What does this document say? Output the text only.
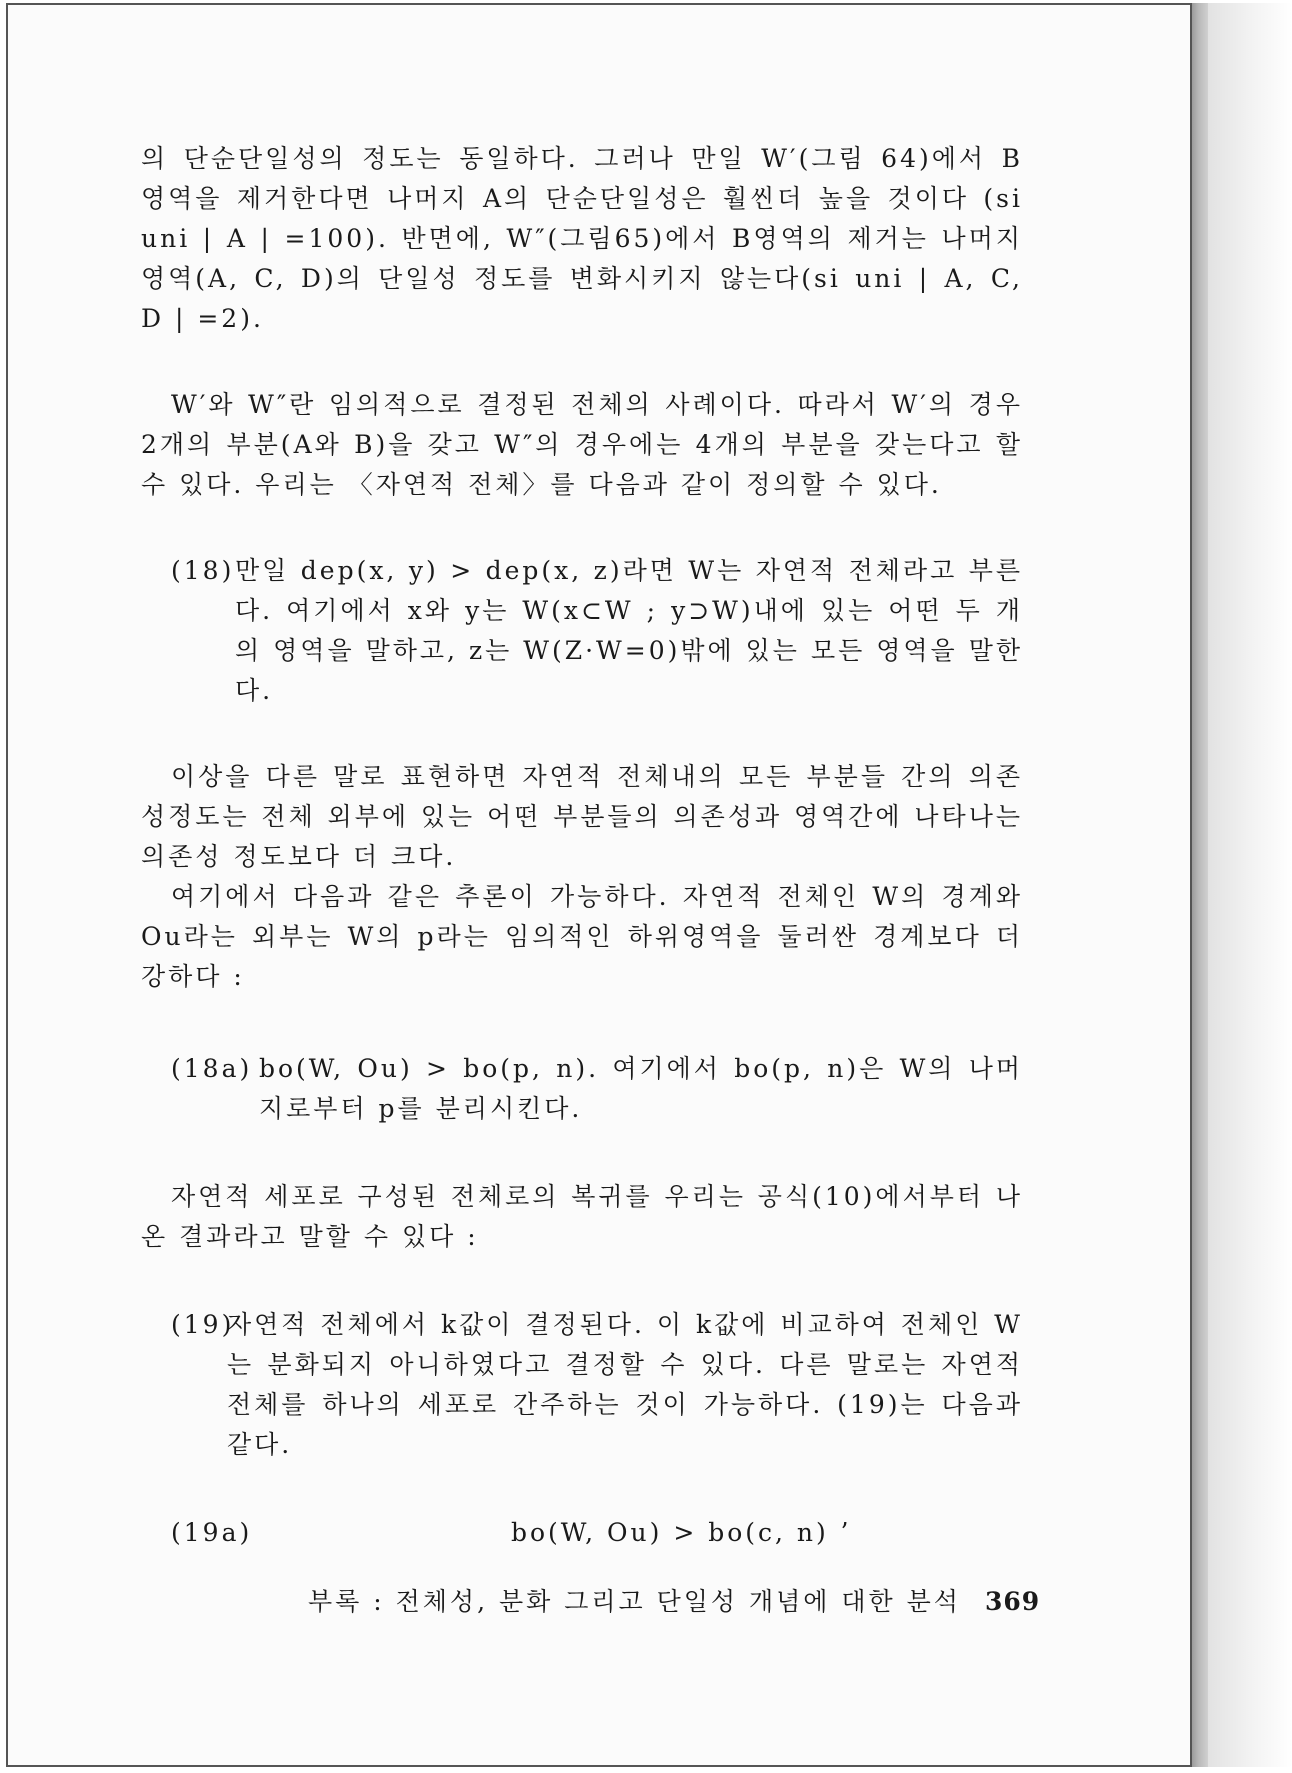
의 단순단일성의 정도는 동일하다. 그러나 만일 W′(그림 64)에서 B 영역을 제거한다면 나머지 A의 단순단일성은 훨씬더 높을 것이다 (si uni | A | =100). 반면에, W″(그림65)에서 B영역의 제거는 나머지 영역(A, C, D)의 단일성 정도를 변화시키지 않는다(si uni | A, C, D | =2).

W′와 W″란 임의적으로 결정된 전체의 사례이다. 따라서 W′의 경우 2개의 부분(A와 B)을 갖고 W″의 경우에는 4개의 부분을 갖는다고 할 수 있다. 우리는 〈자연적 전체〉를 다음과 같이 정의할 수 있다.

(18) 만일 dep(x, y) > dep(x, z)라면 W는 자연적 전체라고 부른다. 여기에서 x와 y는 W(x⊂W ; y⊃W)내에 있는 어떤 두 개의 영역을 말하고, z는 W(Z·W=0)밖에 있는 모든 영역을 말한다.

이상을 다른 말로 표현하면 자연적 전체내의 모든 부분들 간의 의존성정도는 전체 외부에 있는 어떤 부분들의 의존성과 영역간에 나타나는 의존성 정도보다 더 크다.

여기에서 다음과 같은 추론이 가능하다. 자연적 전체인 W의 경계와 Ou라는 외부는 W의 p라는 임의적인 하위영역을 둘러싼 경계보다 더 강하다 :

(18a) bo(W, Ou) > bo(p, n). 여기에서 bo(p, n)은 W의 나머지로부터 p를 분리시킨다.

자연적 세포로 구성된 전체로의 복귀를 우리는 공식(10)에서부터 나온 결과라고 말할 수 있다 :

(19)
자연적 전체에서 k값이 결정된다. 이 k값에 비교하여 전체인 W는 분화되지 아니하였다고 결정할 수 있다. 다른 말로는 자연적 전체를 하나의 세포로 간주하는 것이 가능하다. (19)는 다음과 같다.
(19a)	bo(W, Ou) > bo(c, n) ʼ
부록 : 전체성, 분화 그리고 단일성 개념에 대한 분석 369
